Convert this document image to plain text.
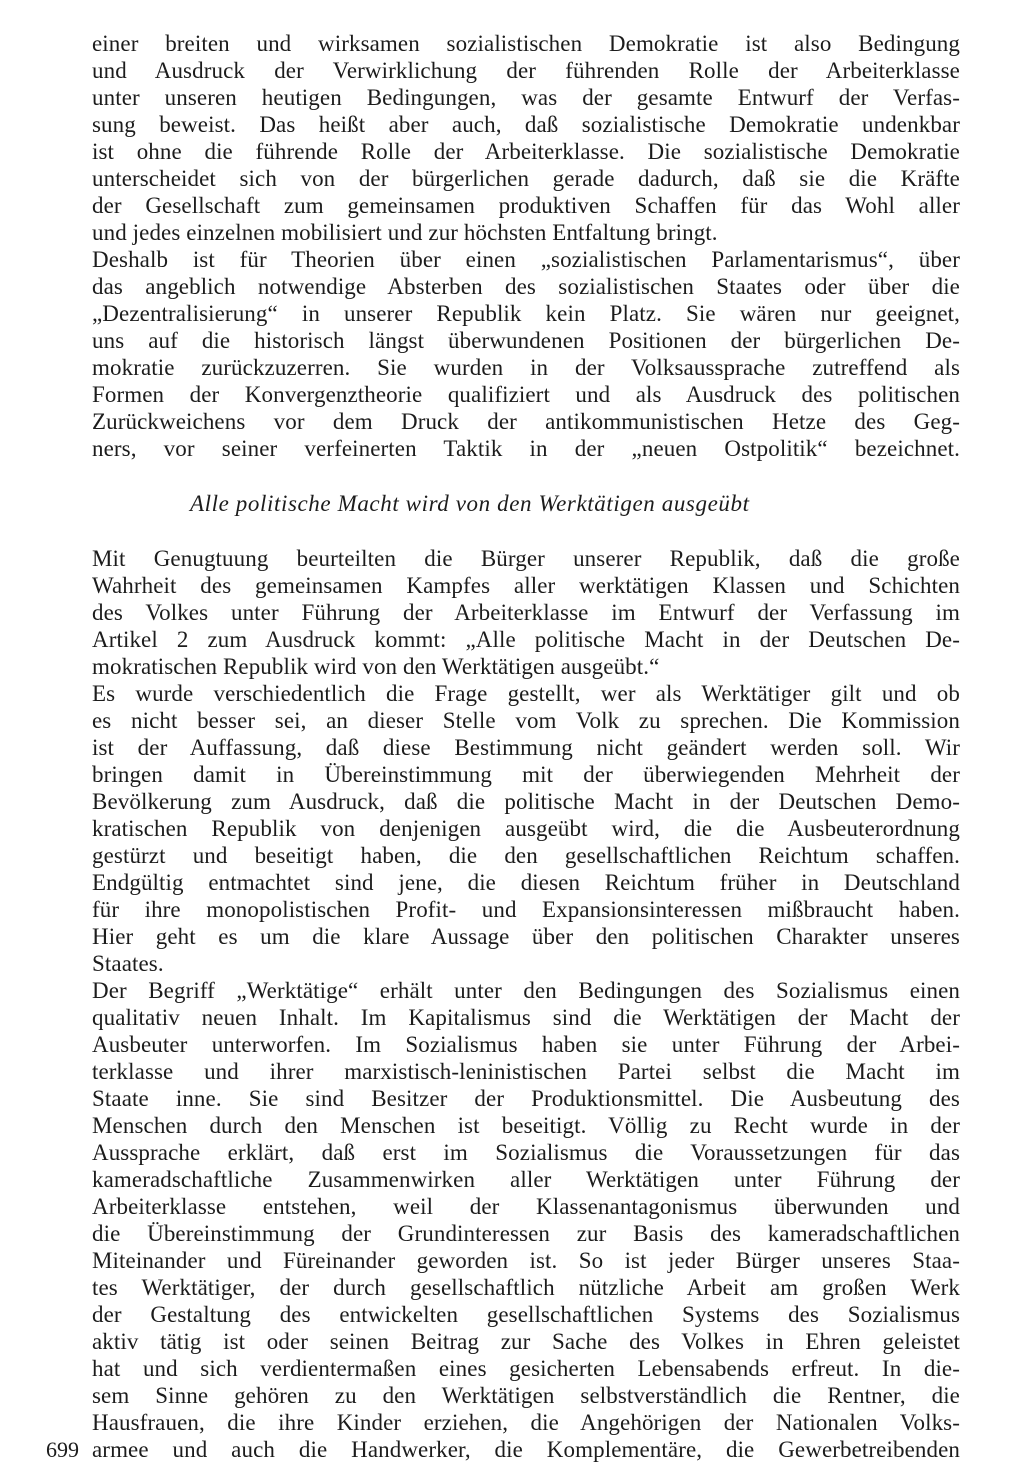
einer breiten und wirksamen sozialistischen Demokratie ist also Bedingung
und Ausdruck der Verwirklichung der führenden Rolle der Arbeiterklasse
unter unseren heutigen Bedingungen, was der gesamte Entwurf der Verfas-
sung beweist. Das heißt aber auch, daß sozialistische Demokratie undenkbar
ist ohne die führende Rolle der Arbeiterklasse. Die sozialistische Demokratie
unterscheidet sich von der bürgerlichen gerade dadurch, daß sie die Kräfte
der Gesellschaft zum gemeinsamen produktiven Schaffen für das Wohl aller
und jedes einzelnen mobilisiert und zur höchsten Entfaltung bringt.
Deshalb ist für Theorien über einen „sozialistischen Parlamentarismus“, über
das angeblich notwendige Absterben des sozialistischen Staates oder über die
„Dezentralisierung“ in unserer Republik kein Platz. Sie wären nur geeignet,
uns auf die historisch längst überwundenen Positionen der bürgerlichen De-
mokratie zurückzuzerren. Sie wurden in der Volksaussprache zutreffend als
Formen der Konvergenztheorie qualifiziert und als Ausdruck des politischen
Zurückweichens vor dem Druck der antikommunistischen Hetze des Geg-
ners, vor seiner verfeinerten Taktik in der „neuen Ostpolitik“ bezeichnet.
Alle politische Macht wird von den Werktätigen ausgeübt
Mit Genugtuung beurteilten die Bürger unserer Republik, daß die große
Wahrheit des gemeinsamen Kampfes aller werktätigen Klassen und Schichten
des Volkes unter Führung der Arbeiterklasse im Entwurf der Verfassung im
Artikel 2 zum Ausdruck kommt: „Alle politische Macht in der Deutschen De-
mokratischen Republik wird von den Werktätigen ausgeübt.“
Es wurde verschiedentlich die Frage gestellt, wer als Werktätiger gilt und ob
es nicht besser sei, an dieser Stelle vom Volk zu sprechen. Die Kommission
ist der Auffassung, daß diese Bestimmung nicht geändert werden soll. Wir
bringen damit in Übereinstimmung mit der überwiegenden Mehrheit der
Bevölkerung zum Ausdruck, daß die politische Macht in der Deutschen Demo-
kratischen Republik von denjenigen ausgeübt wird, die die Ausbeuterordnung
gestürzt und beseitigt haben, die den gesellschaftlichen Reichtum schaffen.
Endgültig entmachtet sind jene, die diesen Reichtum früher in Deutschland
für ihre monopolistischen Profit- und Expansionsinteressen mißbraucht haben.
Hier geht es um die klare Aussage über den politischen Charakter unseres
Staates.
Der Begriff „Werktätige“ erhält unter den Bedingungen des Sozialismus einen
qualitativ neuen Inhalt. Im Kapitalismus sind die Werktätigen der Macht der
Ausbeuter unterworfen. Im Sozialismus haben sie unter Führung der Arbei-
terklasse und ihrer marxistisch-leninistischen Partei selbst die Macht im
Staate inne. Sie sind Besitzer der Produktionsmittel. Die Ausbeutung des
Menschen durch den Menschen ist beseitigt. Völlig zu Recht wurde in der
Aussprache erklärt, daß erst im Sozialismus die Voraussetzungen für das
kameradschaftliche Zusammenwirken aller Werktätigen unter Führung der
Arbeiterklasse entstehen, weil der Klassenantagonismus überwunden und
die Übereinstimmung der Grundinteressen zur Basis des kameradschaftlichen
Miteinander und Füreinander geworden ist. So ist jeder Bürger unseres Staa-
tes Werktätiger, der durch gesellschaftlich nützliche Arbeit am großen Werk
der Gestaltung des entwickelten gesellschaftlichen Systems des Sozialismus
aktiv tätig ist oder seinen Beitrag zur Sache des Volkes in Ehren geleistet
hat und sich verdientermaßen eines gesicherten Lebensabends erfreut. In die-
sem Sinne gehören zu den Werktätigen selbstverständlich die Rentner, die
Hausfrauen, die ihre Kinder erziehen, die Angehörigen der Nationalen Volks-
armee und auch die Handwerker, die Komplementäre, die Gewerbetreibenden
699
